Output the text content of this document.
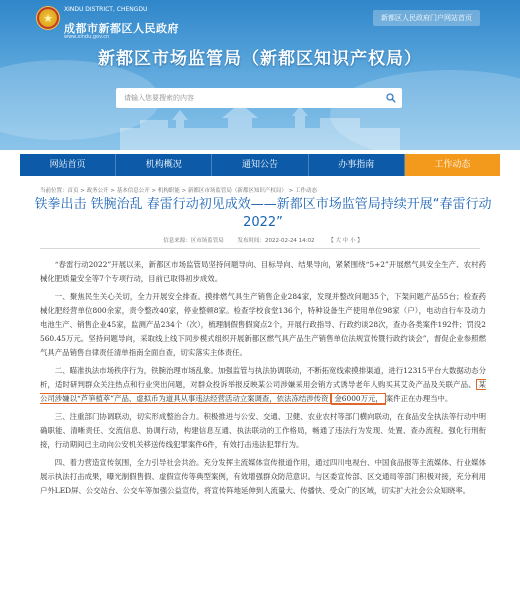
★
XINDU DISTRICT, CHENGDU
成都市新都区人民政府
www.xindu.gov.cn
新都区人民政府门户网站首页
新都区市场监管局（新都区知识产权局）
请输入您要搜索的内容
网站首页	机构概况	通知公告	办事指南	工作动态
当前位置：首页 > 政务公开 > 基本信息公开 > 机构职能 > 新都区市场监管局（新都区知识产权局） > 工作动态
铁拳出击 铁腕治乱 春雷行动初见成效——新都区市场监管局持续开展“春雷行动2022”
信息来源：区市场监管局	发布时间：2022-02-24 14:02	【 大 中 小 】

“春雷行动2022”开展以来，新都区市场监管局坚持问题导向、目标导向、结果导向，紧紧围绕“5+2”开展燃气具安全生产、农村药械化肥质量安全等7个专项行动，目前已取得初步成效。

一、聚焦民生关心关切，全力开展安全排查。摸排燃气具生产销售企业284家，发现并整改问题35个，下架问题产品55台；检查药械化肥经营单位800余家，责令整改40家，停业整顿8家。检查学校食堂136个，特种设备生产使用单位98家（户），电动自行车及动力电池生产、销售企业45家，监测产品234个（次），梳理制假售假窝点2个，开展行政指导、行政约谈28次，查办各类案件192件；罚没2560.45万元。坚持问题导向，采取线上线下同步模式组织开展新都区燃气具产品生产销售单位法规宣传暨行政约谈会”，督促企业参照燃气具产品销售自律责任清单指南全面自查，切实落实主体责任。

二、瞄准执法市场秩序行为，铁腕治理市场乱象。加强监管与执法协调联动，不断拓宽线索摸排渠道，进行12315平台大数据动态分析，适时研判群众关注热点和行业突出问题，对群众投诉举报反映某公司涉嫌采用会销方式诱导老年人购买其艾灸产品及关联产品、 某公司涉嫌以“芦笋植萃”产品、虚拟币为道具从事违法经营活动立案调查，依法冻结涉传资 金6000万元， 案件正在办理当中。

三、注重部门协调联动，切实形成整治合力。积极推进与公安、交通、卫健、农业农村等部门横向联动，在食品安全执法等行动中明确职能、清晰责任、交流信息、协调行动，构建信息互通、执法联动的工作格局，畅通了违法行为发现、处置、查办流程。强化行刑衔接，行动期间已主动向公安机关移送传线犯罪案件6件，有效打击违法犯罪行为。

四、着力营造宣传氛围，全力引导社会共治。充分发挥主流媒体宣传报道作用，通过四川电视台、中国食品报等主流媒体、行业媒体展示执法打击成果，曝光制假售假、虚假宣传等典型案例，有效增强群众防范意识。与区委宣传部、区交通局等部门积极对接，充分利用户外LED屏、公交站台、公交车等加强公益宣传，将宣传阵地延伸到人流量大、传播快、受众广的区域，切实扩大社会公众知晓率。
